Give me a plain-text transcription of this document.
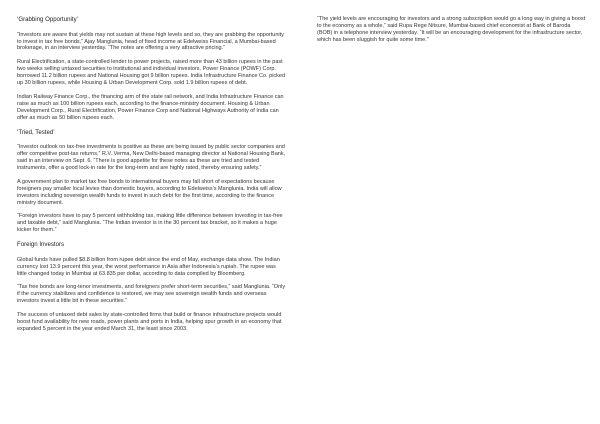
‘Grabbing Opportunity’

“Investors are aware that yields may not sustain at these high levels and so, they are grabbing the opportunity to invest in tax free bonds,” Ajay Manglunia, head of fixed income at Edelweiss Financial, a Mumbai-based brokerage, in an interview yesterday. “The notes are offering a very attractive pricing.”

Rural Electrification, a state-controlled lender to power projects, raised more than 43 billion rupees in the past two weeks selling untaxed securities to institutional and individual investors. Power Finance (POWF) Corp. borrowed 11.2 billion rupees and National Housing got 9 billion rupees. India Infrastructure Finance Co. picked up 30 billion rupees, while Housing & Urban Development Corp. sold 1.9 billion rupees of debt.

Indian Railway Finance Corp., the financing arm of the state rail network, and India Infrastructure Finance can raise as much as 100 billion rupees each, according to the finance-ministry document. Housing & Urban Development Corp., Rural Electrification, Power Finance Corp and National Highways Authority of India can offer as much as 50 billion rupees each.

‘Tried, Tested’

“Investor outlook on tax-free investments is positive as these are being issued by public sector companies and offer competitive post-tax returns,” R.V. Verma, New Delhi-based managing director at National Housing Bank, said in an interview on Sept. 6. “There is good appetite for these notes as these are tried and tested instruments, offer a good lock-in rate for the long-term and are highly rated, thereby ensuring safety.”

A government plan to market tax free bonds to international buyers may fall short of expectations because foreigners pay smaller local levies than domestic buyers, according to Edelweiss’s Manglunia. India will allow investors including sovereign wealth funds to invest in such debt for the first time, according to the finance ministry document.

“Foreign investors have to pay 5 percent withholding tax, making little difference between investing in tax-free and taxable debt,” said Manglunia. “The Indian investor is in the 30 percent tax bracket, so it makes a huge kicker for them.”

Foreign Investors

Global funds have pulled $8.8 billion from rupee debt since the end of May, exchange data show. The Indian currency lost 13.9 percent this year, the worst performance in Asia after Indonesia’s rupiah. The rupee was little changed today in Mumbai at 63.835 per dollar, according to data compiled by Bloomberg.

“Tax free bonds are long-tenor investments, and foreigners prefer short-term securities,” said Manglunia. “Only if the currency stabilizes and confidence is restored, we may see sovereign wealth funds and overseas investors invest a little bit in these securities.”

The success of untaxed debt sales by state-controlled firms that build or finance infrastructure projects would boost fund availability for new roads, power plants and ports in India, helping spur growth in an economy that expanded 5 percent in the year ended March 31, the least since 2003.

“The yield levels are encouraging for investors and a strong subscription would go a long way in giving a boost to the economy as a whole,” said Rupa Rege Nitsure, Mumbai-based chief economist at Bank of Baroda (BOB) in a telephone interview yesterday. “It will be an encouraging development for the infrastructure sector, which has been sluggish for quite some time.”
